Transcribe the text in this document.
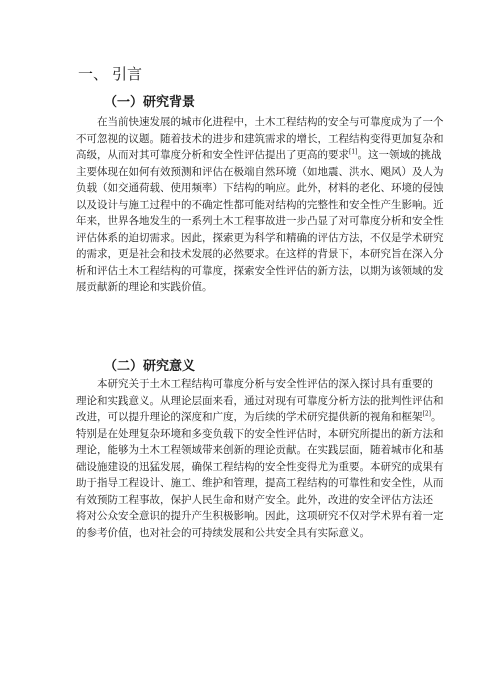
一、 引言
（一）研究背景
在当前快速发展的城市化进程中，土木工程结构的安全与可靠度成为了一个
不可忽视的议题。随着技术的进步和建筑需求的增长，工程结构变得更加复杂和
高级，从而对其可靠度分析和安全性评估提出了更高的要求[1]。这一领域的挑战
主要体现在如何有效预测和评估在极端自然环境（如地震、洪水、飓风）及人为
负载（如交通荷载、使用频率）下结构的响应。此外，材料的老化、环境的侵蚀
以及设计与施工过程中的不确定性都可能对结构的完整性和安全性产生影响。近
年来，世界各地发生的一系列土木工程事故进一步凸显了对可靠度分析和安全性
评估体系的迫切需求。因此，探索更为科学和精确的评估方法，不仅是学术研究
的需求，更是社会和技术发展的必然要求。在这样的背景下，本研究旨在深入分
析和评估土木工程结构的可靠度，探索安全性评估的新方法，以期为该领域的发
展贡献新的理论和实践价值。
（二）研究意义
本研究关于土木工程结构可靠度分析与安全性评估的深入探讨具有重要的
理论和实践意义。从理论层面来看，通过对现有可靠度分析方法的批判性评估和
改进，可以提升理论的深度和广度，为后续的学术研究提供新的视角和框架[2]。
特别是在处理复杂环境和多变负载下的安全性评估时，本研究所提出的新方法和
理论，能够为土木工程领域带来创新的理论贡献。在实践层面，随着城市化和基
础设施建设的迅猛发展，确保工程结构的安全性变得尤为重要。本研究的成果有
助于指导工程设计、施工、维护和管理，提高工程结构的可靠性和安全性，从而
有效预防工程事故，保护人民生命和财产安全。此外，改进的安全评估方法还
将对公众安全意识的提升产生积极影响。因此，这项研究不仅对学术界有着一定
的参考价值，也对社会的可持续发展和公共安全具有实际意义。
